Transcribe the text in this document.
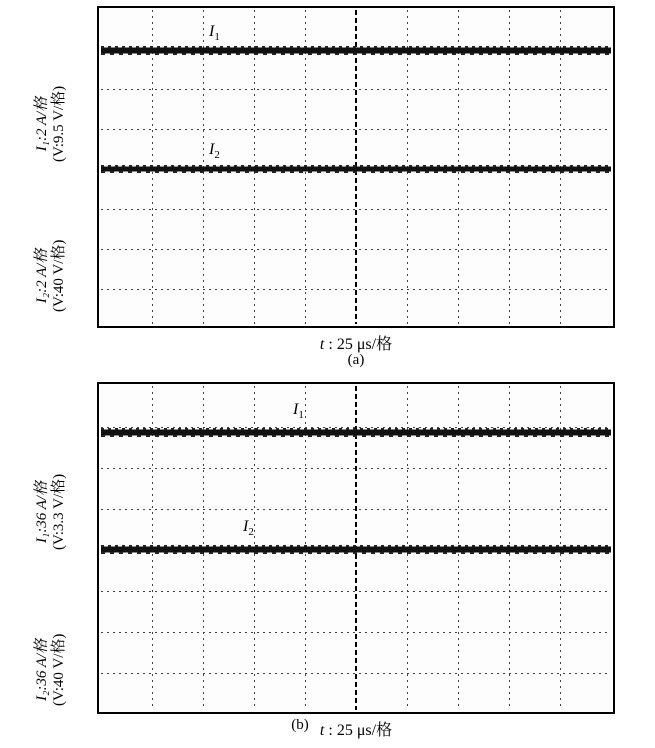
I₁:2 A/格 (V:9.5 V/格)
I₂:2 A/格 (V:40 V/格)
$I_1$
$I_2$
t : 25 μs/格
(a)
I₁:36 A/格 (V:3.3 V/格)
I₂:36 A/格 (V:40 V/格)
$I_1$
$I_2$
t : 25 μs/格
(b)
